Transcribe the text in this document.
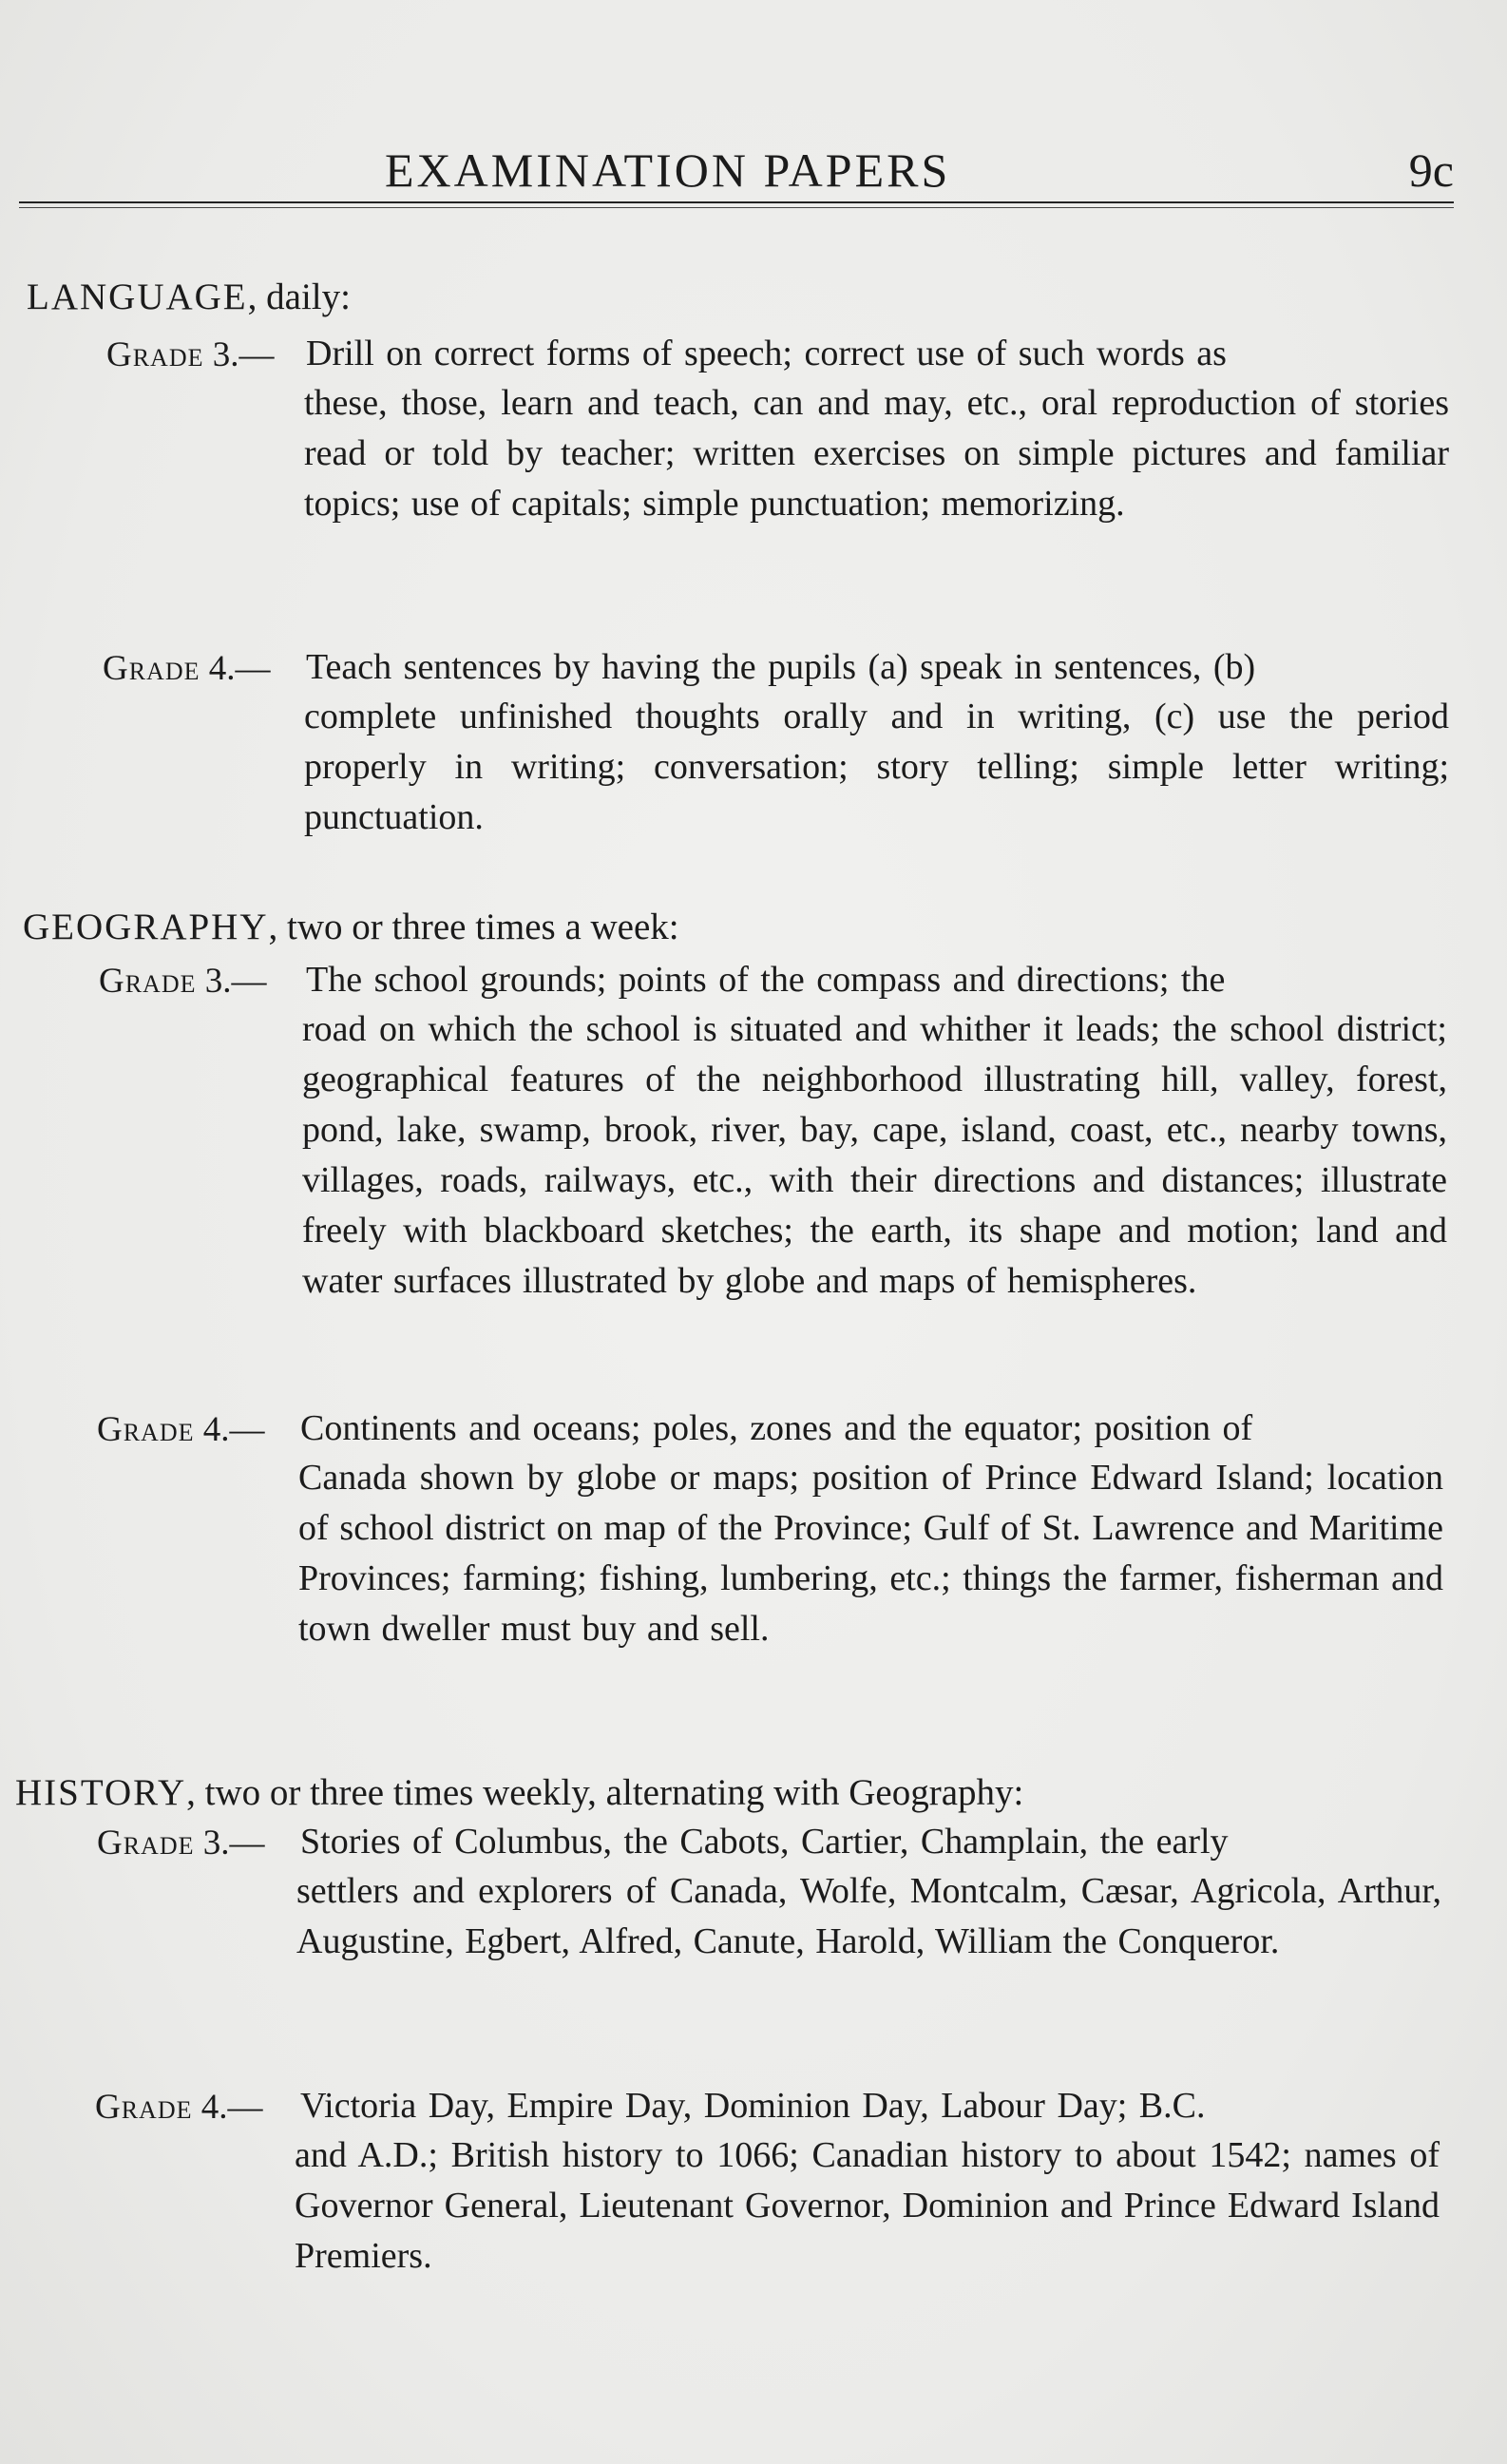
EXAMINATION PAPERS	9c
LANGUAGE, daily:
Grade 3.— Drill on correct forms of speech; correct use of such words as
these, those, learn and teach, can and may, etc., oral reproduction of stories read or told by teacher; written exercises on simple pictures and familiar topics; use of capitals; simple punctuation; memorizing.
Grade 4.— Teach sentences by having the pupils (a) speak in sentences, (b)
complete unfinished thoughts orally and in writing, (c) use the period properly in writing; conversation; story telling; simple letter writing; punctuation.
GEOGRAPHY, two or three times a week:
Grade 3.— The school grounds; points of the compass and directions; the
road on which the school is situated and whither it leads; the school district; geographical features of the neighborhood illustrating hill, valley, forest, pond, lake, swamp, brook, river, bay, cape, island, coast, etc., nearby towns, villages, roads, railways, etc., with their directions and distances; illustrate freely with blackboard sketches; the earth, its shape and motion; land and water surfaces illustrated by globe and maps of hemispheres.
Grade 4.— Continents and oceans; poles, zones and the equator; position of
Canada shown by globe or maps; position of Prince Edward Island; location of school district on map of the Province; Gulf of St. Lawrence and Maritime Provinces; farming; fishing, lumbering, etc.; things the farmer, fisherman and town dweller must buy and sell.
HISTORY, two or three times weekly, alternating with Geography:
Grade 3.— Stories of Columbus, the Cabots, Cartier, Champlain, the early
settlers and explorers of Canada, Wolfe, Montcalm, Cæsar, Agricola, Arthur, Augustine, Egbert, Alfred, Canute, Harold, William the Conqueror.
Grade 4.— Victoria Day, Empire Day, Dominion Day, Labour Day; B.C.
and A.D.; British history to 1066; Canadian history to about 1542; names of Governor General, Lieutenant Governor, Dominion and Prince Edward Island Premiers.
